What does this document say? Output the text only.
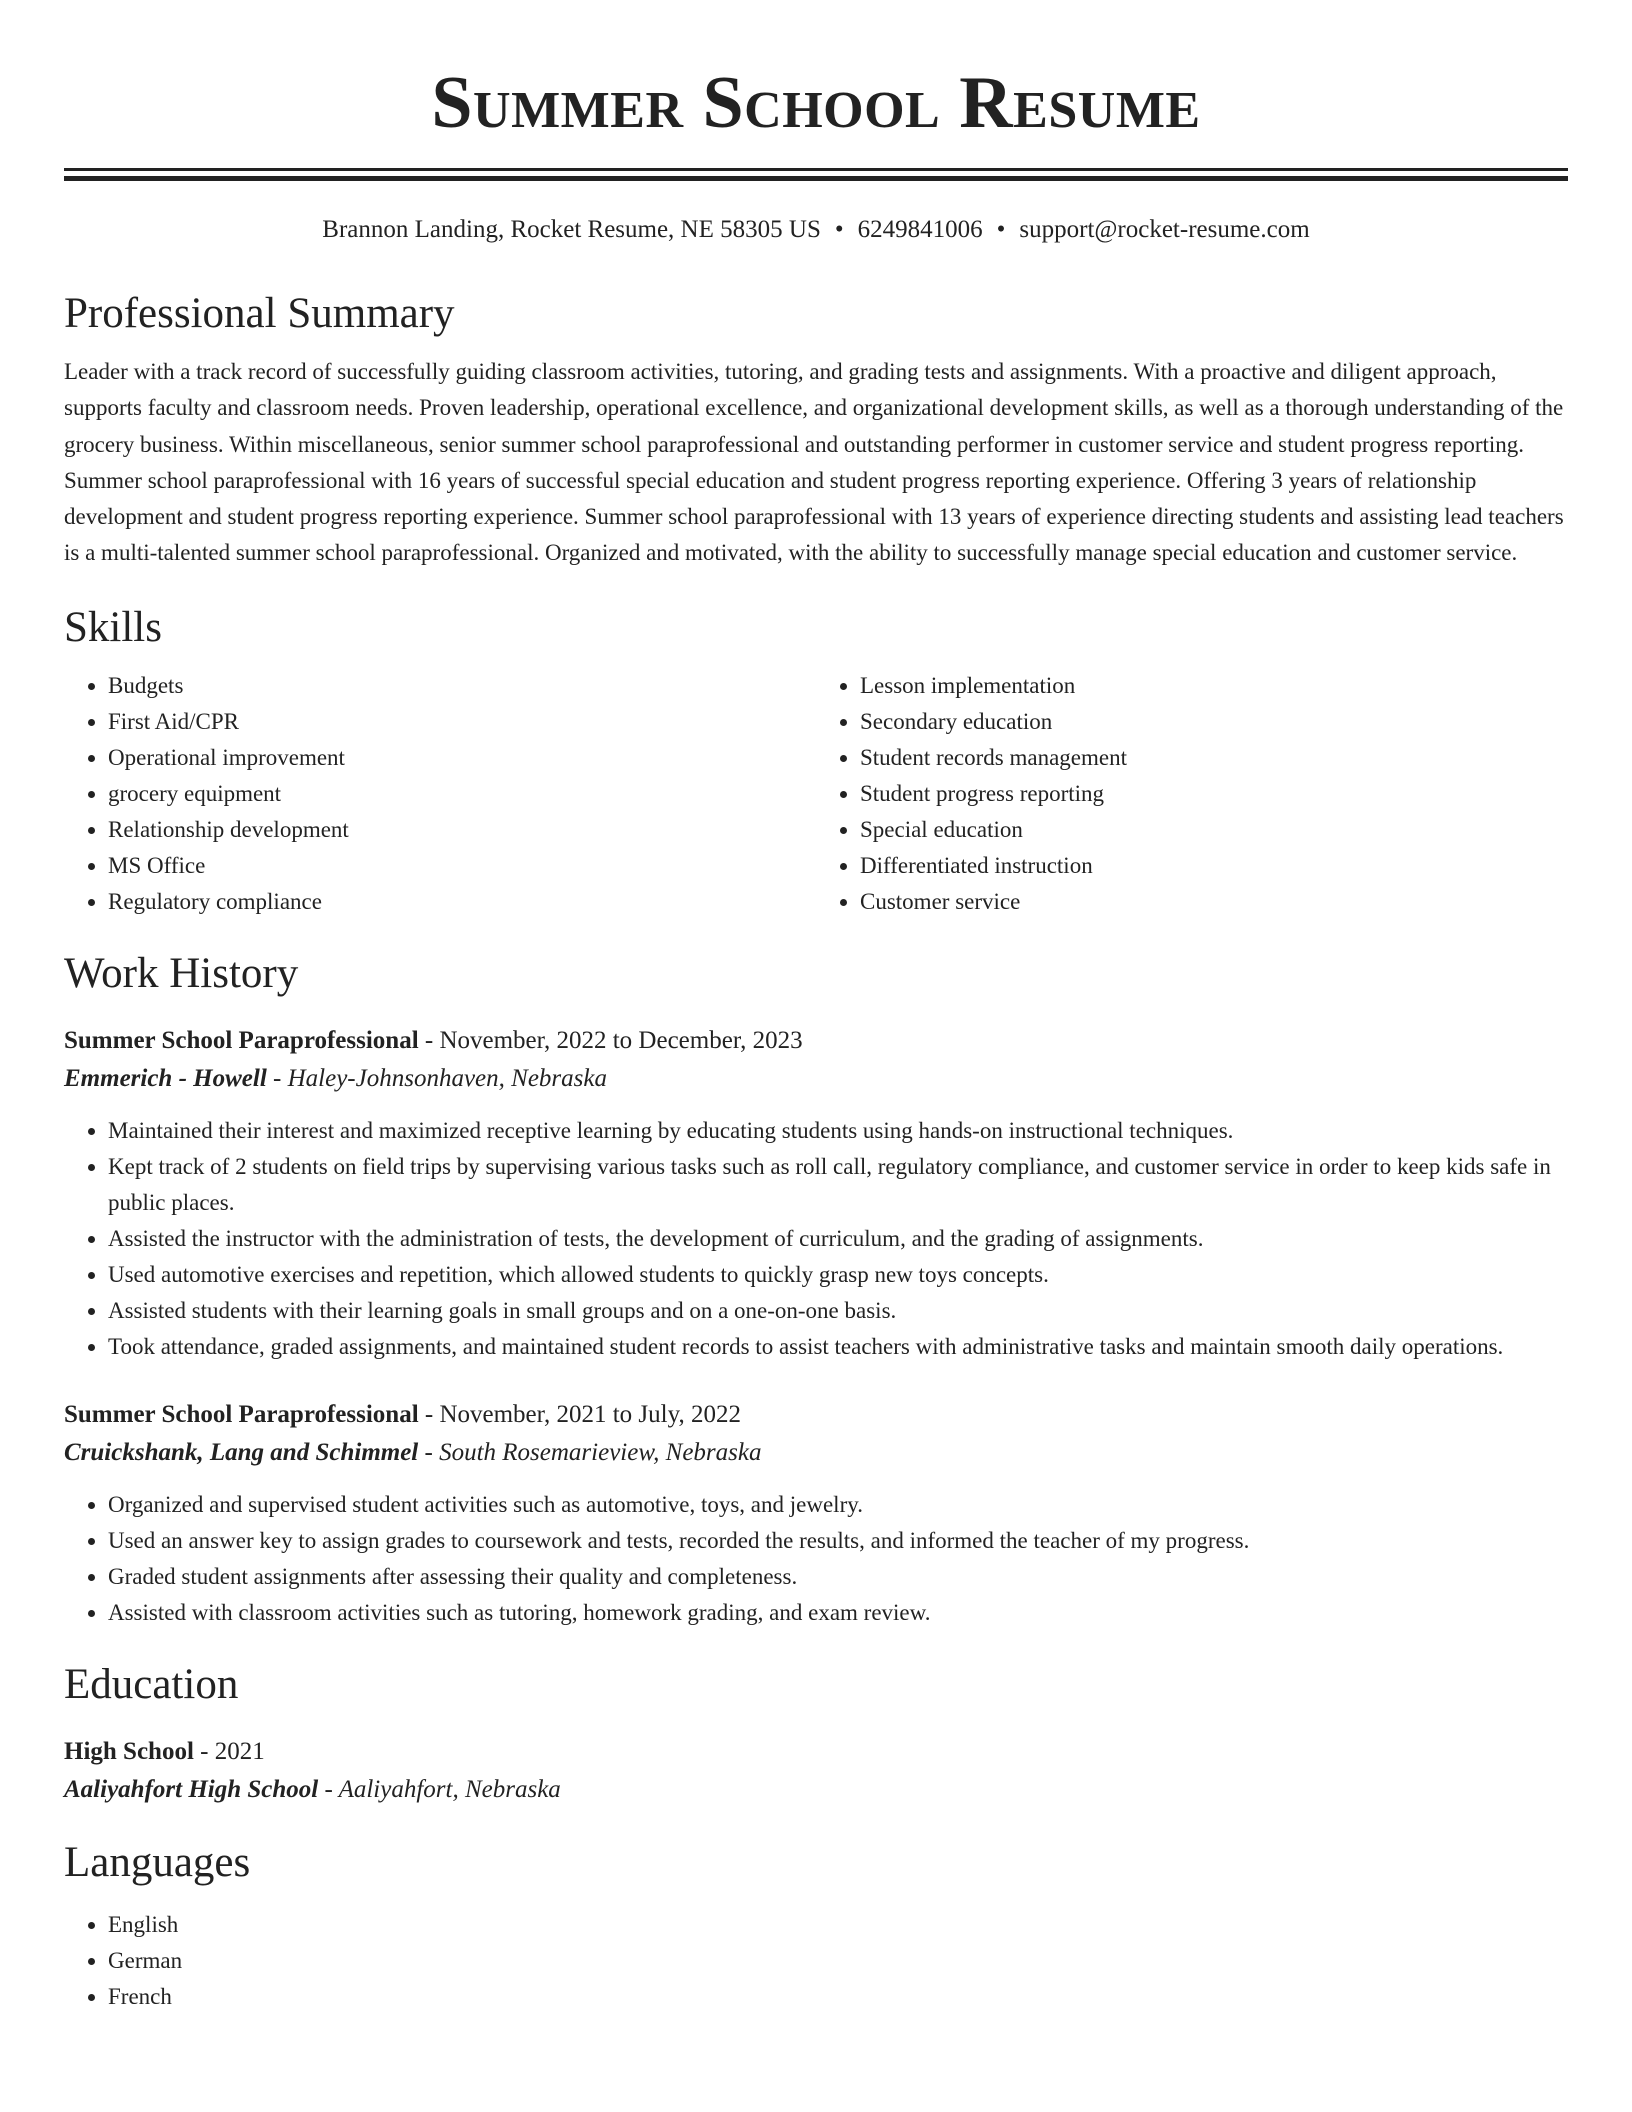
Summer School Resume
Brannon Landing, Rocket Resume, NE 58305 US • 6249841006 • support@rocket-resume.com
Professional Summary

Leader with a track record of successfully guiding classroom activities, tutoring, and grading tests and assignments. With a proactive and diligent approach, supports faculty and classroom needs. Proven leadership, operational excellence, and organizational development skills, as well as a thorough understanding of the grocery business. Within miscellaneous, senior summer school paraprofessional and outstanding performer in customer service and student progress reporting. Summer school paraprofessional with 16 years of successful special education and student progress reporting experience. Offering 3 years of relationship development and student progress reporting experience. Summer school paraprofessional with 13 years of experience directing students and assisting lead teachers is a multi-talented summer school paraprofessional. Organized and motivated, with the ability to successfully manage special education and customer service.

Skills
• Budgets
• First Aid/CPR
• Operational improvement
• grocery equipment
• Relationship development
• MS Office
• Regulatory compliance
• Lesson implementation
• Secondary education
• Student records management
• Student progress reporting
• Special education
• Differentiated instruction
• Customer service
Work History
Summer School Paraprofessional - November, 2022 to December, 2023
Emmerich - Howell - Haley-Johnsonhaven, Nebraska
• Maintained their interest and maximized receptive learning by educating students using hands-on instructional techniques.
• Kept track of 2 students on field trips by supervising various tasks such as roll call, regulatory compliance, and customer service in order to keep kids safe in public places.
• Assisted the instructor with the administration of tests, the development of curriculum, and the grading of assignments.
• Used automotive exercises and repetition, which allowed students to quickly grasp new toys concepts.
• Assisted students with their learning goals in small groups and on a one-on-one basis.
• Took attendance, graded assignments, and maintained student records to assist teachers with administrative tasks and maintain smooth daily operations.
Summer School Paraprofessional - November, 2021 to July, 2022
Cruickshank, Lang and Schimmel - South Rosemarieview, Nebraska
• Organized and supervised student activities such as automotive, toys, and jewelry.
• Used an answer key to assign grades to coursework and tests, recorded the results, and informed the teacher of my progress.
• Graded student assignments after assessing their quality and completeness.
• Assisted with classroom activities such as tutoring, homework grading, and exam review.
Education
High School - 2021
Aaliyahfort High School - Aaliyahfort, Nebraska
Languages
• English
• German
• French
